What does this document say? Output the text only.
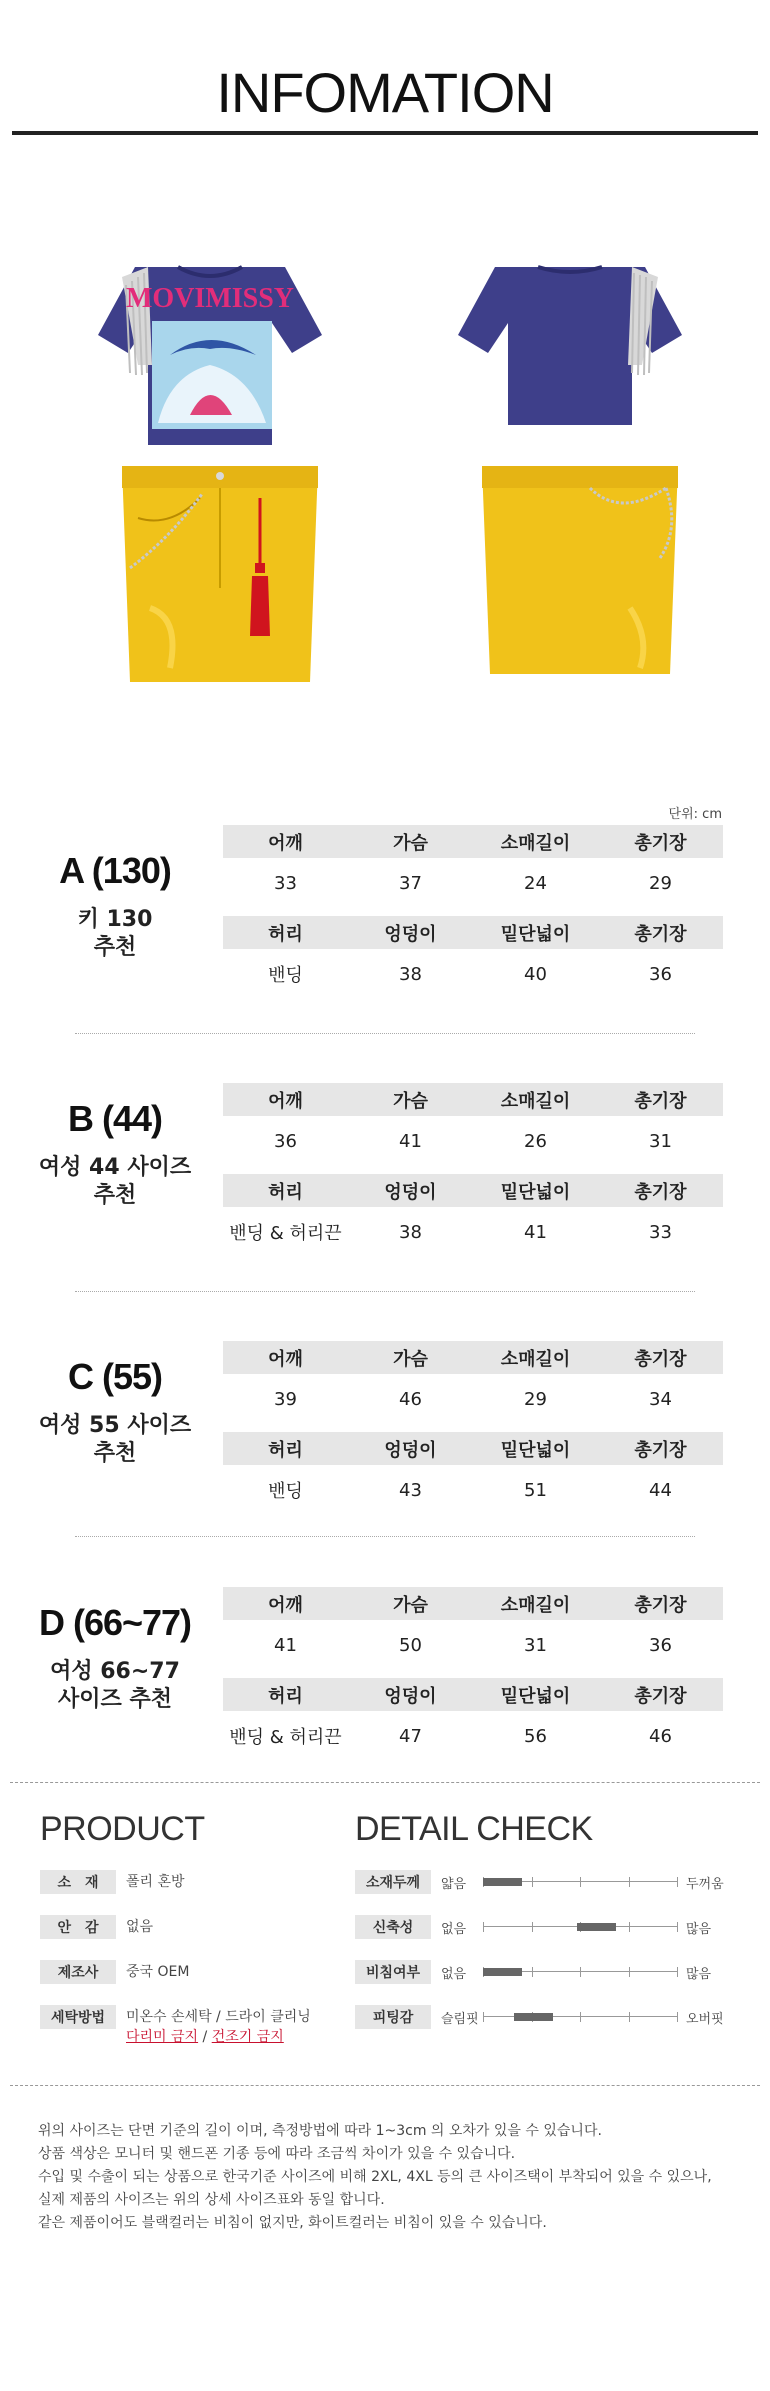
INFOMATION
MOVIMISSY
단위: cm
A (130)
키 130
추천
어깨	가슴	소매길이	총기장
33	37	24	29
허리	엉덩이	밑단넓이	총기장
밴딩	38	40	36
B (44)
여성 44 사이즈
추천
어깨	가슴	소매길이	총기장
36	41	26	31
허리	엉덩이	밑단넓이	총기장
밴딩 & 허리끈	38	41	33
C (55)
여성 55 사이즈
추천
어깨	가슴	소매길이	총기장
39	46	29	34
허리	엉덩이	밑단넓이	총기장
밴딩	43	51	44
D (66~77)
여성 66~77
사이즈 추천
어깨	가슴	소매길이	총기장
41	50	31	36
허리	엉덩이	밑단넓이	총기장
밴딩 & 허리끈	47	56	46
PRODUCT
소　재	폴리 혼방
안　감	없음
제조사	중국 OEM
세탁방법	미온수 손세탁 / 드라이 클리닝
다리미 금지 / 건조기 금지
DETAIL CHECK
소재두께	얇음	두꺼움
신축성	없음	많음
비침여부	없음	많음
피팅감	슬림핏	오버핏
위의 사이즈는 단면 기준의 길이 이며, 측정방법에 따라 1~3cm 의 오차가 있을 수 있습니다.
상품 색상은 모니터 및 핸드폰 기종 등에 따라 조금씩 차이가 있을 수 있습니다.
수입 및 수출이 되는 상품으로 한국기준 사이즈에 비해 2XL, 4XL 등의 큰 사이즈택이 부착되어 있을 수 있으나,
실제 제품의 사이즈는 위의 상세 사이즈표와 동일 합니다.
같은 제품이어도 블랙컬러는 비침이 없지만, 화이트컬러는 비침이 있을 수 있습니다.
